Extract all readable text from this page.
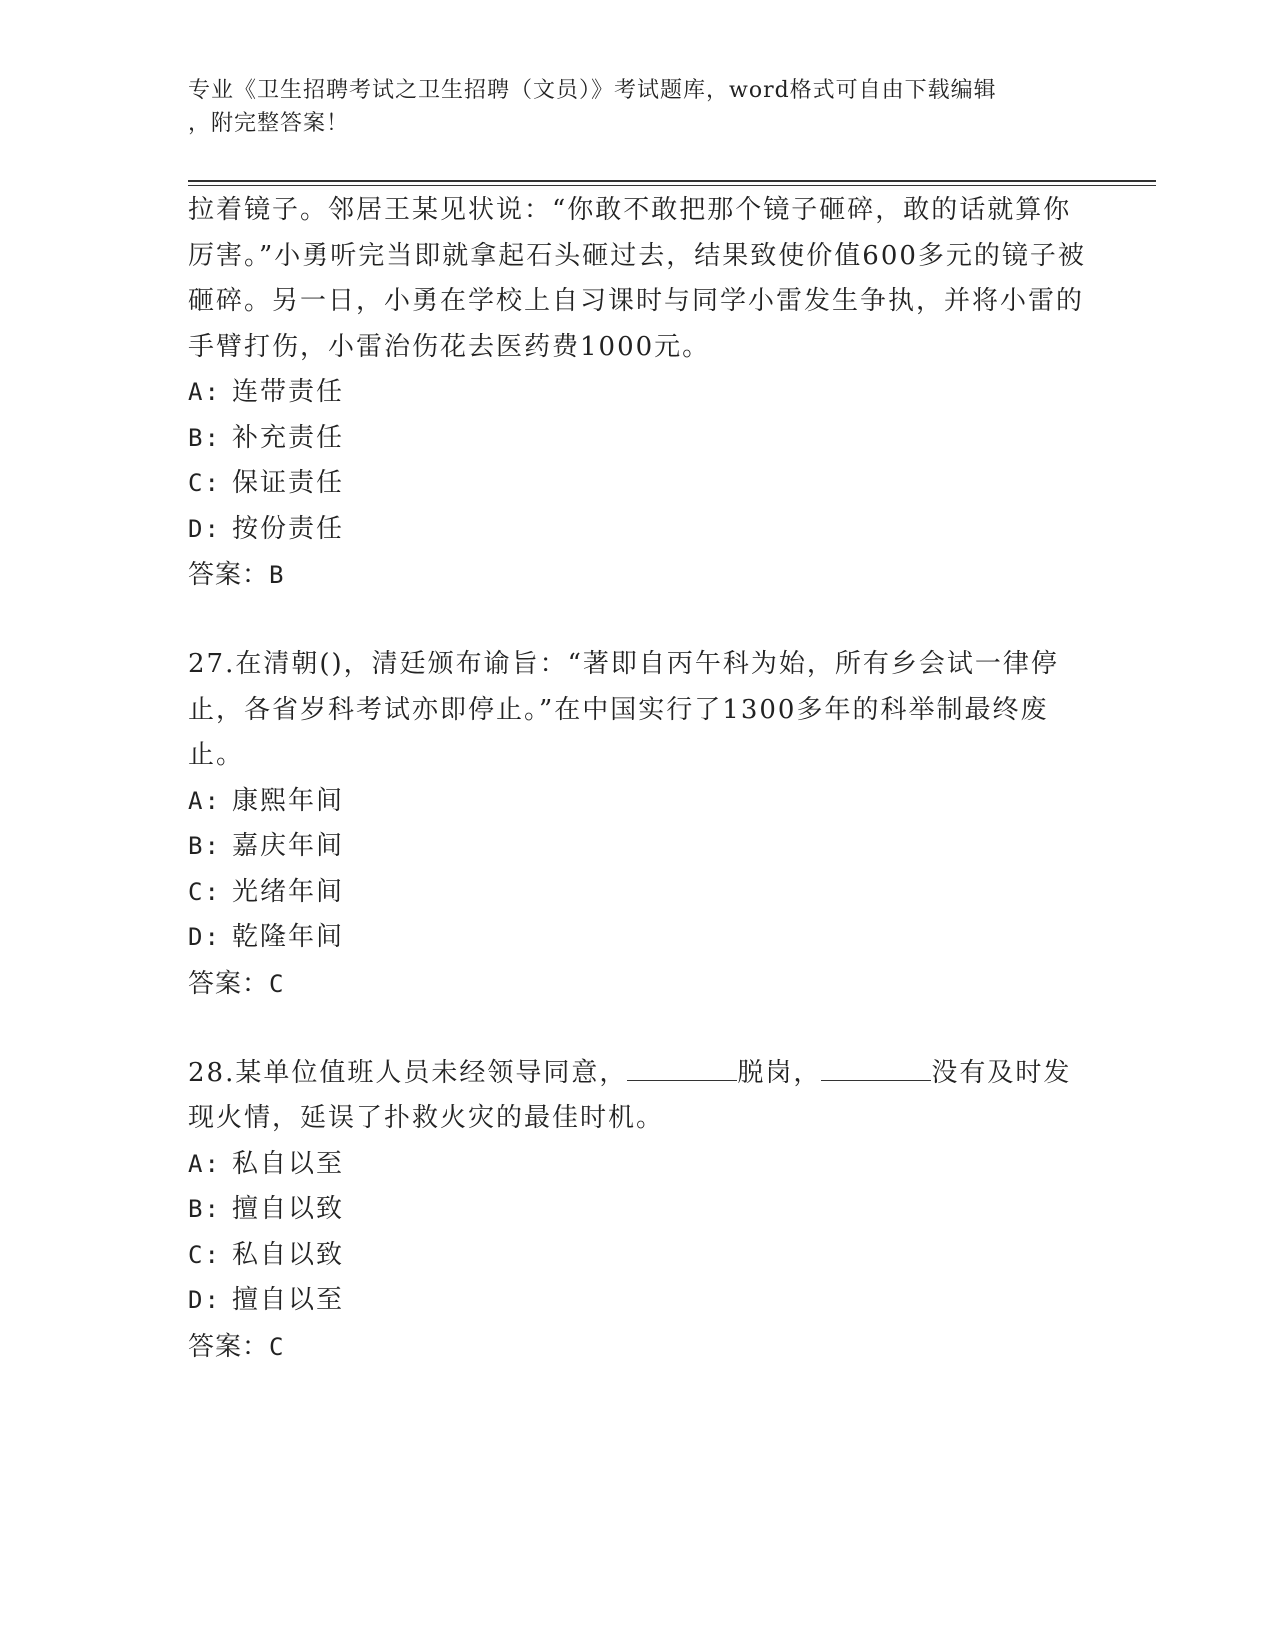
专业《卫生招聘考试之卫生招聘（文员）》考试题库，word格式可自由下载编辑
，附完整答案！
拉着镜子。邻居王某见状说：“你敢不敢把那个镜子砸碎，敢的话就算你厉害。”小勇听完当即就拿起石头砸过去，结果致使价值600多元的镜子被砸碎。另一日，小勇在学校上自习课时与同学小雷发生争执，并将小雷的手臂打伤，小雷治伤花去医药费1000元。
A: 连带责任
B: 补充责任
C: 保证责任
D: 按份责任
答案：B
27.在清朝()，清廷颁布谕旨：“著即自丙午科为始，所有乡会试一律停止，各省岁科考试亦即停止。”在中国实行了1300多年的科举制最终废止。
A: 康熙年间
B: 嘉庆年间
C: 光绪年间
D: 乾隆年间
答案：C
28.某单位值班人员未经领导同意，	脱岗，	没有及时发现火情，延误了扑救火灾的最佳时机。
A: 私自以至
B: 擅自以致
C: 私自以致
D: 擅自以至
答案：C
